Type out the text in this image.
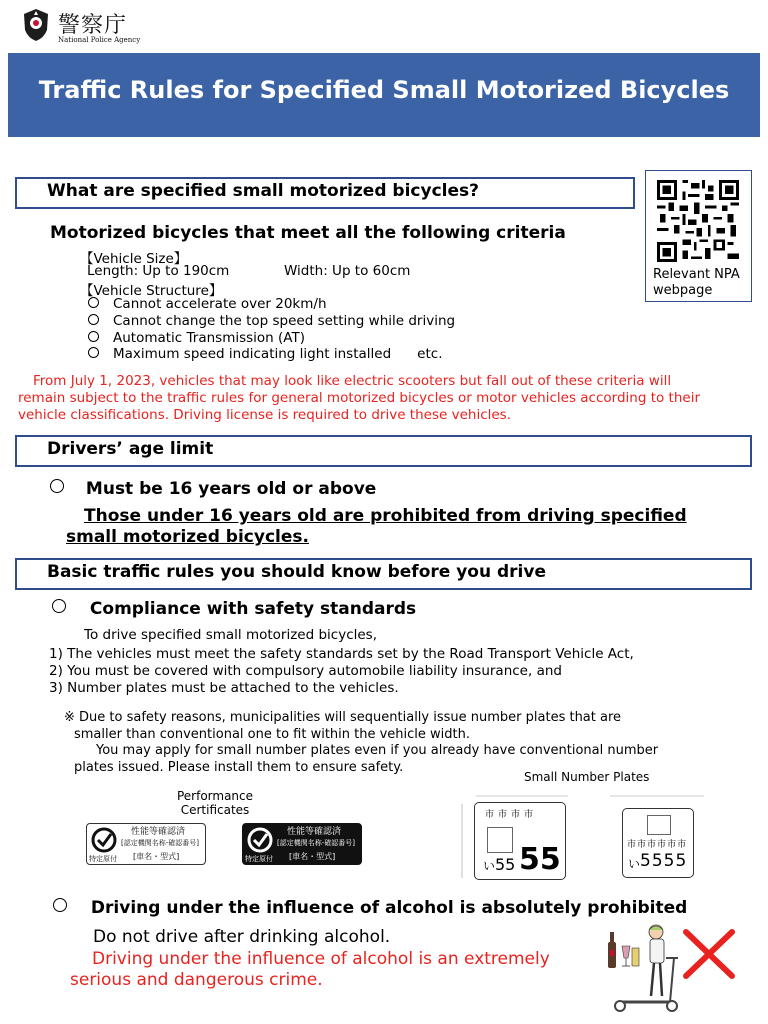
警察庁
National Police Agency
Traffic Rules for Specified Small Motorized Bicycles
What are specified small motorized bicycles?
Motorized bicycles that meet all the following criteria
【Vehicle Size】
Length: Up to 190cm	Width: Up to 60cm
【Vehicle Structure】
Cannot accelerate over 20km/h
Cannot change the top speed setting while driving
Automatic Transmission (AT)
Maximum speed indicating light installed etc.
Relevant NPA
webpage
From July 1, 2023, vehicles that may look like electric scooters but fall out of these criteria will
remain subject to the traffic rules for general motorized bicycles or motor vehicles according to their
vehicle classifications. Driving license is required to drive these vehicles.
Drivers’ age limit
Must be 16 years old or above
Those under 16 years old are prohibited from driving specified
small motorized bicycles.
Basic traffic rules you should know before you drive
Compliance with safety standards
To drive specified small motorized bicycles,
1) The vehicles must meet the safety standards set by the Road Transport Vehicle Act,
2) You must be covered with compulsory automobile liability insurance, and
3) Number plates must be attached to the vehicles.
※ Due to safety reasons, municipalities will sequentially issue number plates that are
smaller than conventional one to fit within the vehicle width.
You may apply for small number plates even if you already have conventional number
plates issued. Please install them to ensure safety.
Performance
Certificates
性能等確認済
[認定機関名称-確認番号]
特定原付 [車名・型式]
性能等確認済
[認定機関名称-確認番号]
特定原付 [車名・型式]
Small Number Plates
市市市市
い 55 55	市市市市市市
い 5555
Driving under the influence of alcohol is absolutely prohibited
Do not drive after drinking alcohol.
Driving under the influence of alcohol is an extremely
serious and dangerous crime.
